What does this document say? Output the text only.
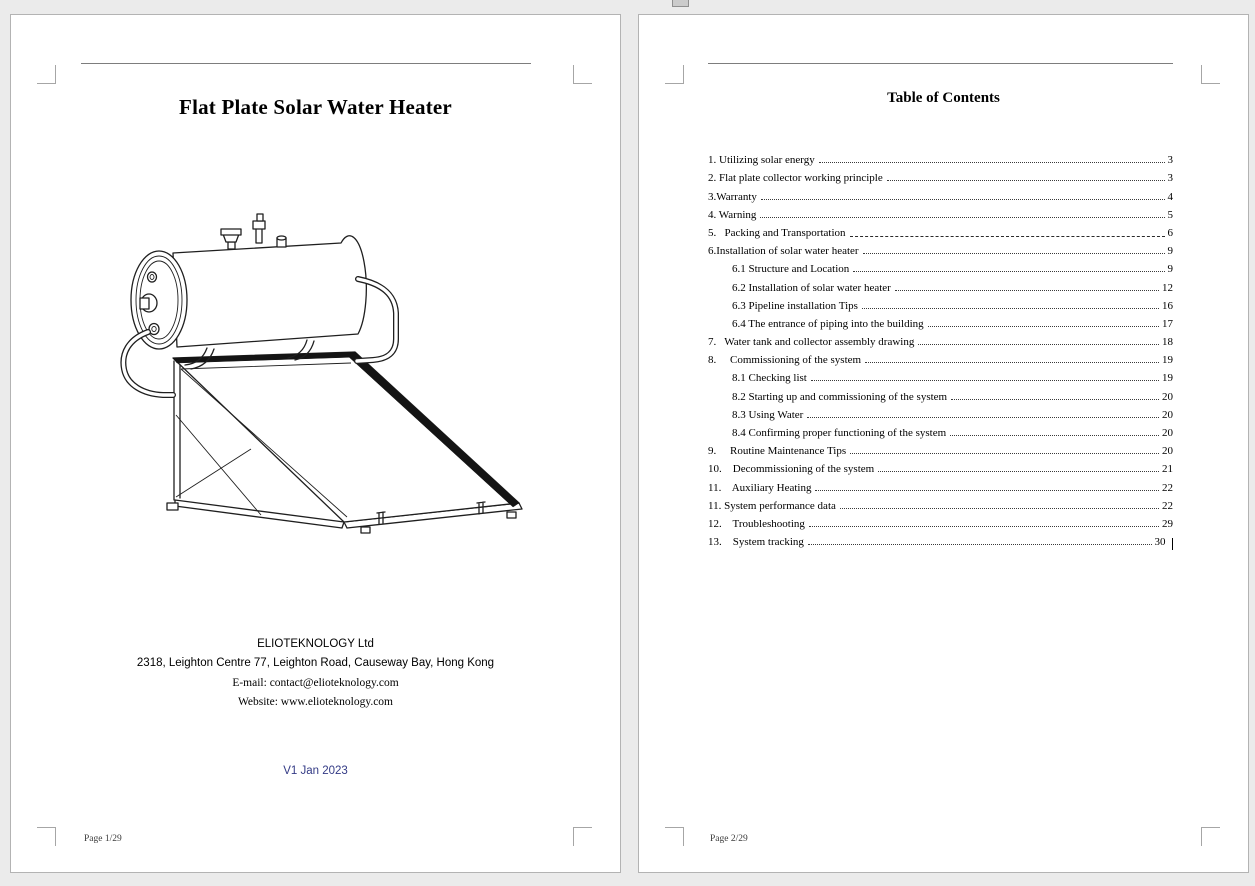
Flat Plate Solar Water Heater
ELIOTEKNOLOGY Ltd
2318, Leighton Centre 77, Leighton Road, Causeway Bay, Hong Kong
E-mail: contact@elioteknology.com
Website: www.elioteknology.com
V1 Jan 2023
Page 1/29
Table of Contents
1. Utilizing solar energy	3
2. Flat plate collector working principle	3
3.Warranty	4
4. Warning	5
5.   Packing and Transportation	6
6.Installation of solar water heater	9
6.1 Structure and Location	9
6.2 Installation of solar water heater	12
6.3 Pipeline installation Tips	16
6.4 The entrance of piping into the building	17
7.   Water tank and collector assembly drawing	18
8.     Commissioning of the system	19
8.1 Checking list	19
8.2 Starting up and commissioning of the system	20
8.3 Using Water	20
8.4 Confirming proper functioning of the system	20
9.     Routine Maintenance Tips	20
10.    Decommissioning of the system	21
11.    Auxiliary Heating	22
11. System performance data	22
12.    Troubleshooting	29
13.    System tracking	30
Page 2/29
